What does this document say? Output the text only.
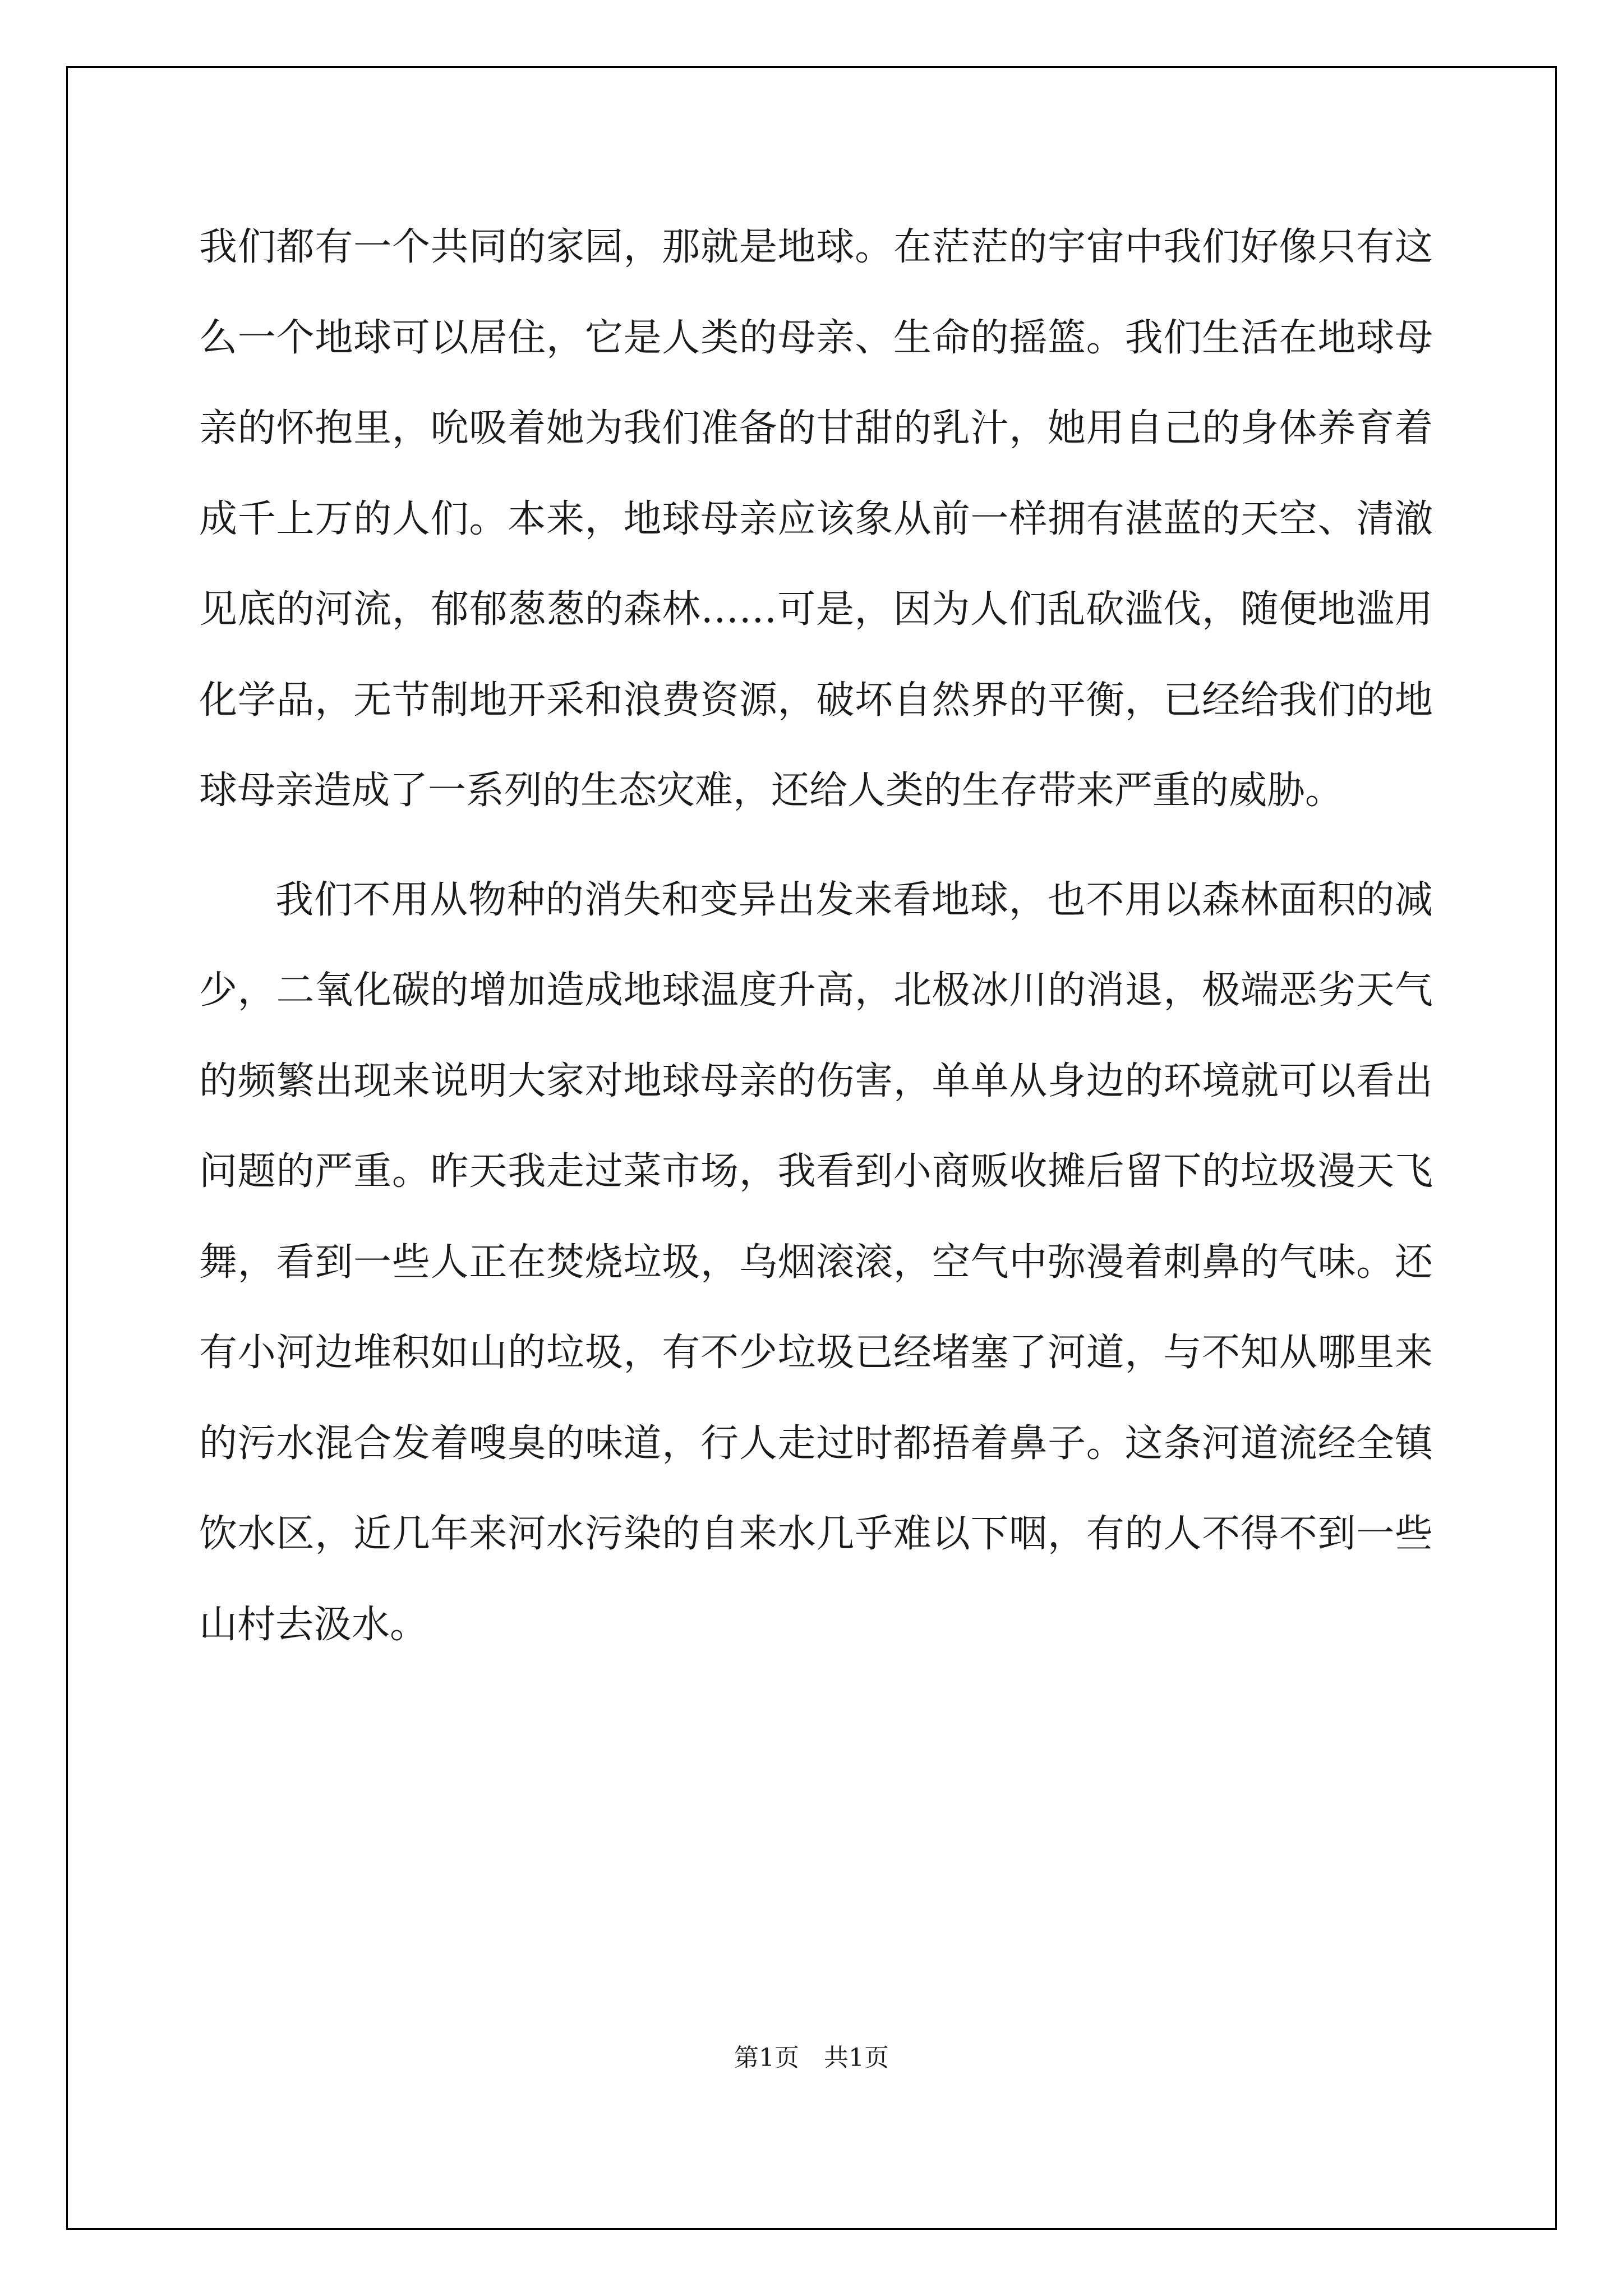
我们都有一个共同的家园，那就是地球。在茫茫的宇宙中我们好像只有这么一个地球可以居住，它是人类的母亲、生命的摇篮。我们生活在地球母亲的怀抱里，吮吸着她为我们准备的甘甜的乳汁，她用自己的身体养育着成千上万的人们。本来，地球母亲应该象从前一样拥有湛蓝的天空、清澈见底的河流，郁郁葱葱的森林……可是，因为人们乱砍滥伐，随便地滥用化学品，无节制地开采和浪费资源，破坏自然界的平衡，已经给我们的地球母亲造成了一系列的生态灾难，还给人类的生存带来严重的威胁。

我们不用从物种的消失和变异出发来看地球，也不用以森林面积的减少，二氧化碳的增加造成地球温度升高，北极冰川的消退，极端恶劣天气的频繁出现来说明大家对地球母亲的伤害，单单从身边的环境就可以看出问题的严重。昨天我走过菜市场，我看到小商贩收摊后留下的垃圾漫天飞舞，看到一些人正在焚烧垃圾，乌烟滚滚，空气中弥漫着刺鼻的气味。还有小河边堆积如山的垃圾，有不少垃圾已经堵塞了河道，与不知从哪里来的污水混合发着嗖臭的味道，行人走过时都捂着鼻子。这条河道流经全镇饮水区，近几年来河水污染的自来水几乎难以下咽，有的人不得不到一些山村去汲水。

第1页　共1页
